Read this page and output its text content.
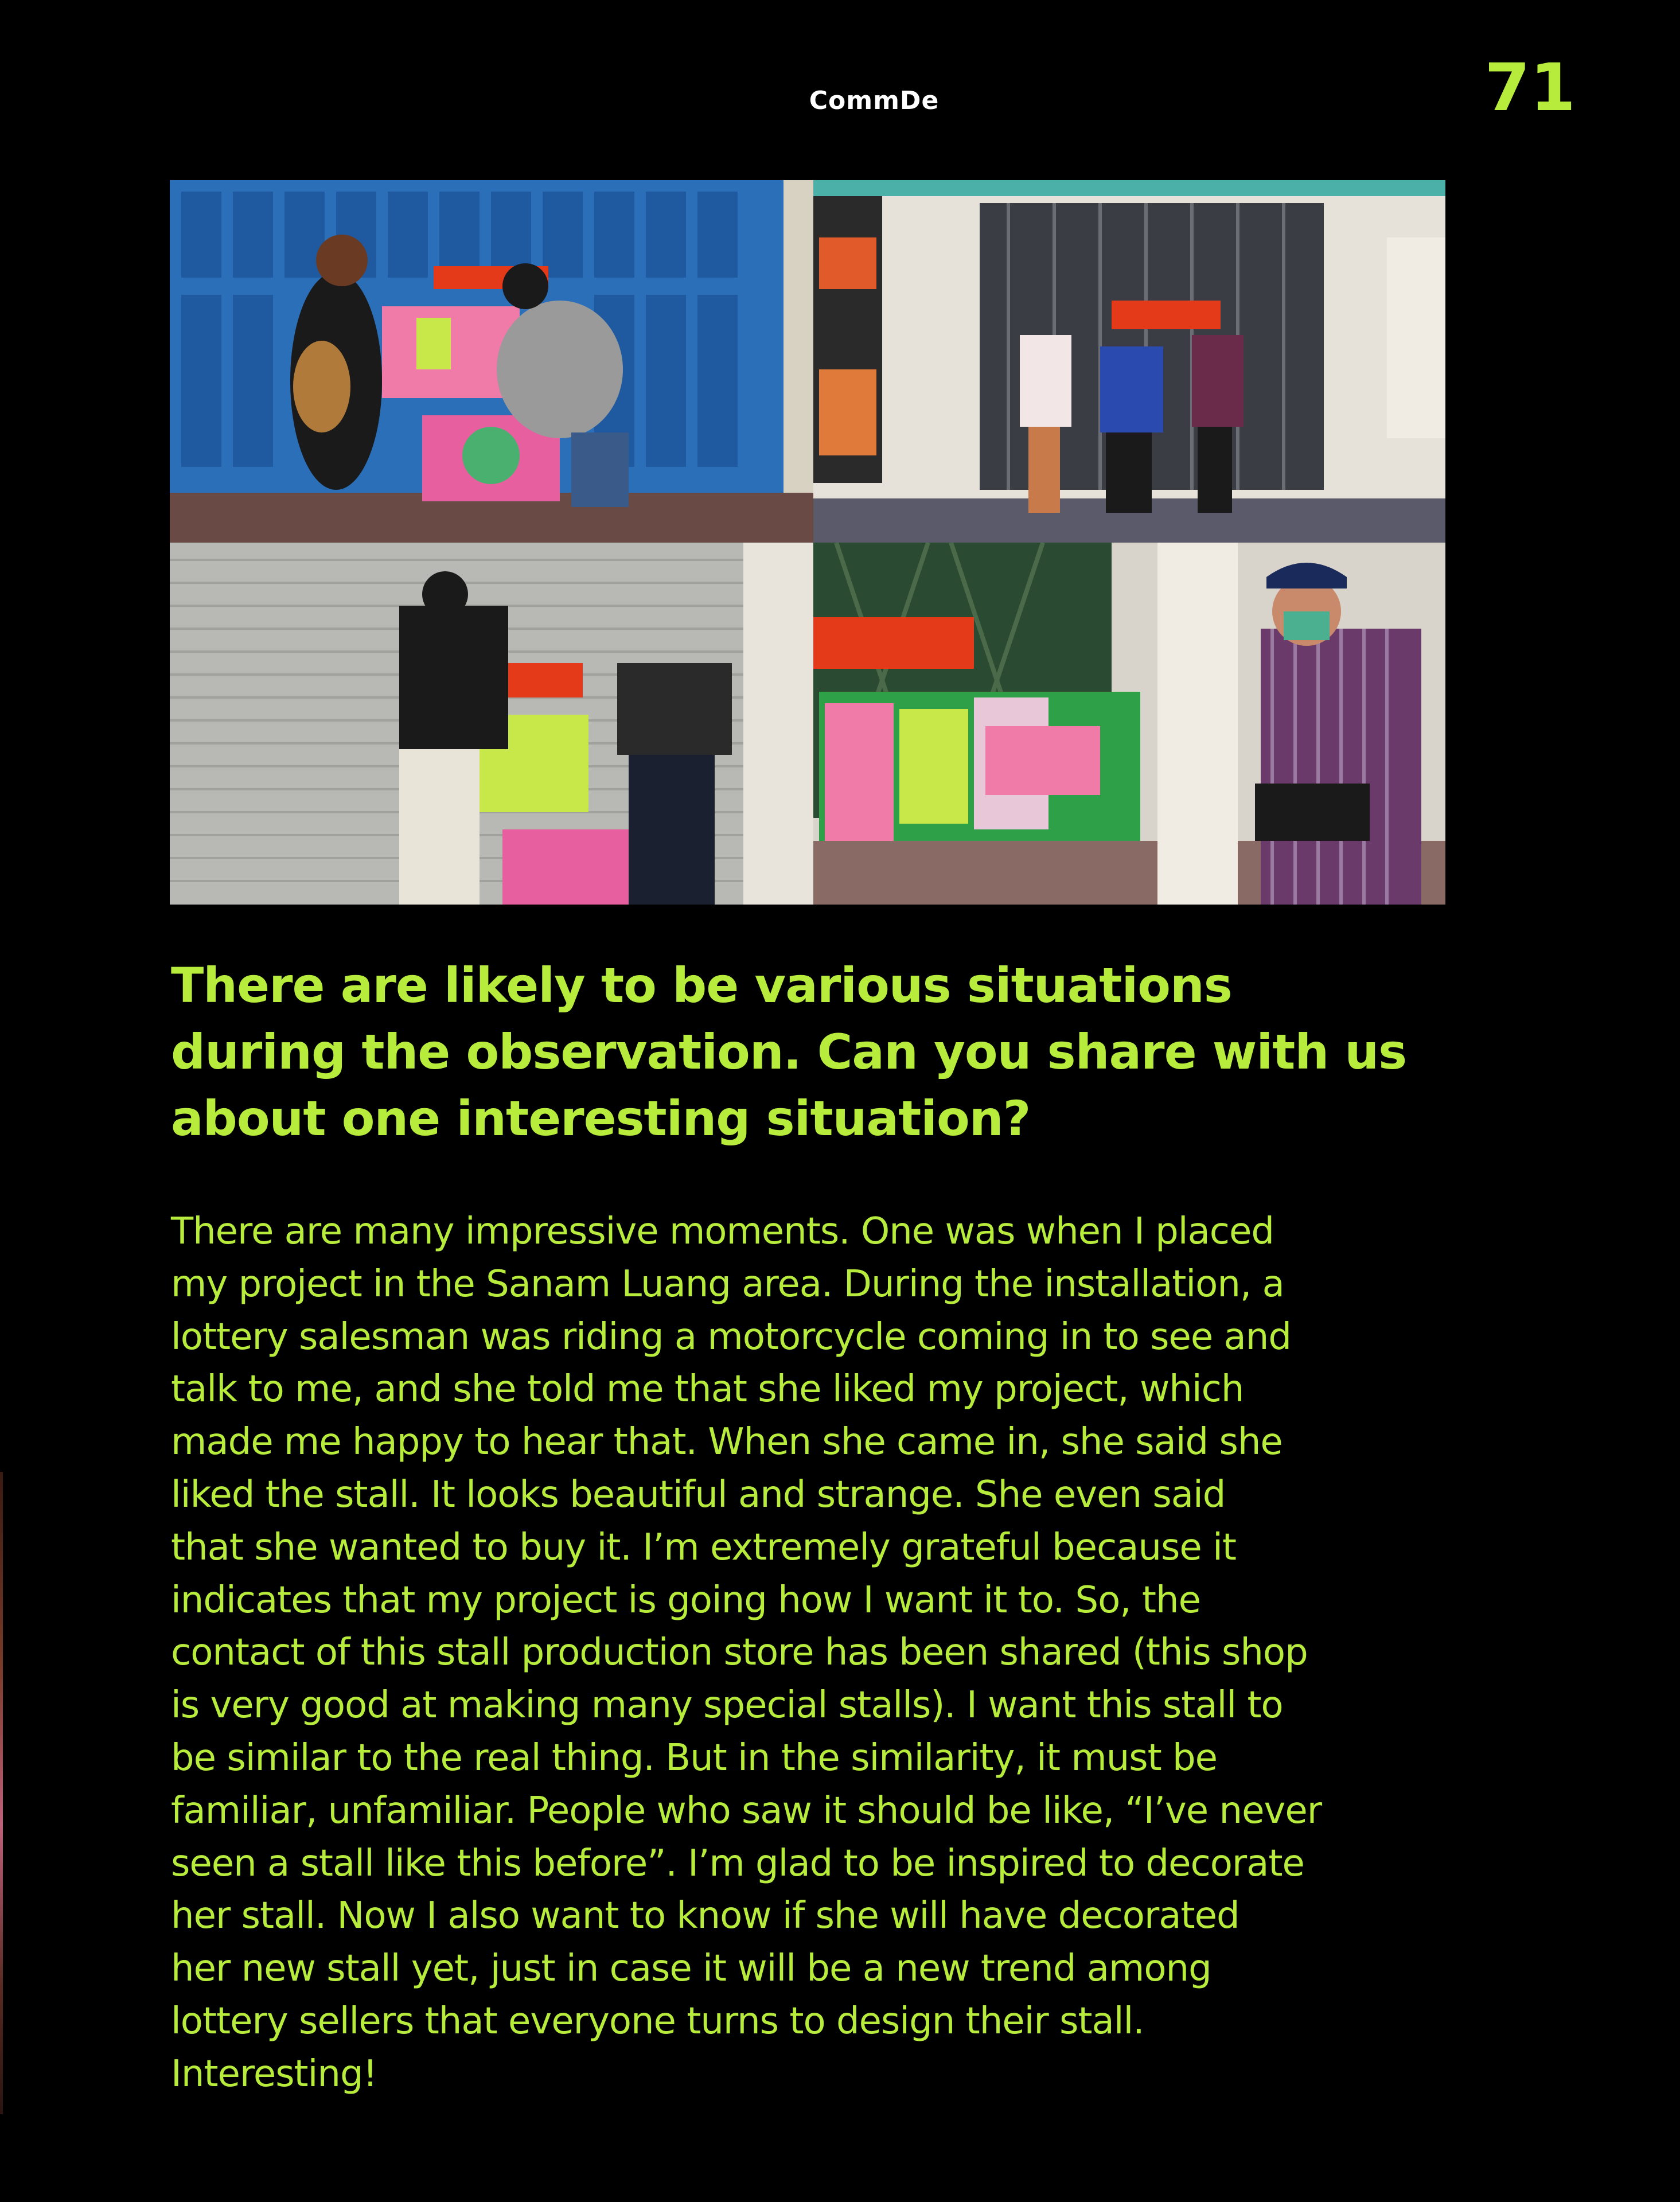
CommDe	71
There are likely to be various situations
during the observation. Can you share with us
about one interesting situation?

There are many impressive moments. One was when I placed
my project in the Sanam Luang area. During the installation, a
lottery salesman was riding a motorcycle coming in to see and
talk to me, and she told me that she liked my project, which
made me happy to hear that. When she came in, she said she
liked the stall. It looks beautiful and strange. She even said
that she wanted to buy it. I’m extremely grateful because it
indicates that my project is going how I want it to. So, the
contact of this stall production store has been shared (this shop
is very good at making many special stalls). I want this stall to
be similar to the real thing. But in the similarity, it must be
familiar, unfamiliar. People who saw it should be like, “I’ve never
seen a stall like this before”. I’m glad to be inspired to decorate
her stall. Now I also want to know if she will have decorated
her new stall yet, just in case it will be a new trend among
lottery sellers that everyone turns to design their stall.
Interesting!
